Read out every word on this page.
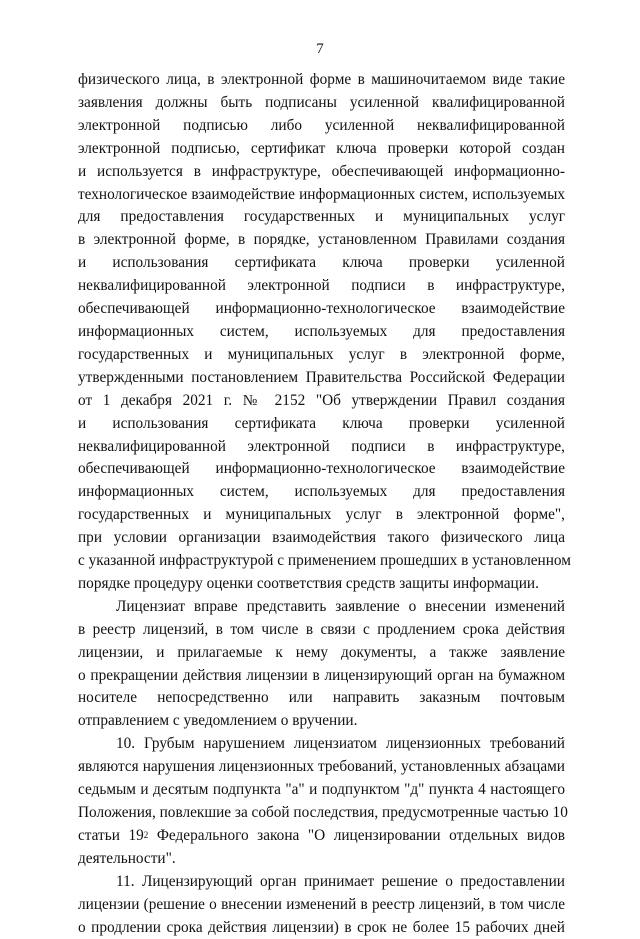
7

физического лица, в электронной форме в машиночитаемом виде такие
заявления должны быть подписаны усиленной квалифицированной
электронной подписью либо усиленной неквалифицированной
электронной подписью, сертификат ключа проверки которой создан
и используется в инфраструктуре, обеспечивающей информационно-
технологическое взаимодействие информационных систем, используемых
для предоставления государственных и муниципальных услуг
в электронной форме, в порядке, установленном Правилами создания
и использования сертификата ключа проверки усиленной
неквалифицированной электронной подписи в инфраструктуре,
обеспечивающей информационно-технологическое взаимодействие
информационных систем, используемых для предоставления
государственных и муниципальных услуг в электронной форме,
утвержденными постановлением Правительства Российской Федерации
от 1 декабря 2021 г. № 2152 "Об утверждении Правил создания
и использования сертификата ключа проверки усиленной
неквалифицированной электронной подписи в инфраструктуре,
обеспечивающей информационно-технологическое взаимодействие
информационных систем, используемых для предоставления
государственных и муниципальных услуг в электронной форме",
при условии организации взаимодействия такого физического лица
с указанной инфраструктурой с применением прошедших в установленном
порядке процедуру оценки соответствия средств защиты информации.

Лицензиат вправе представить заявление о внесении изменений
в реестр лицензий, в том числе в связи с продлением срока действия
лицензии, и прилагаемые к нему документы, а также заявление
о прекращении действия лицензии в лицензирующий орган на бумажном
носителе непосредственно или направить заказным почтовым
отправлением с уведомлением о вручении.

10. Грубым нарушением лицензиатом лицензионных требований
являются нарушения лицензионных требований, установленных абзацами
седьмым и десятым подпункта "а" и подпунктом "д" пункта 4 настоящего
Положения, повлекшие за собой последствия, предусмотренные частью 10
статьи $19^2$ Федерального закона "О лицензировании отдельных видов
деятельности".

11. Лицензирующий орган принимает решение о предоставлении
лицензии (решение о внесении изменений в реестр лицензий, в том числе
о продлении срока действия лицензии) в срок не более 15 рабочих дней
